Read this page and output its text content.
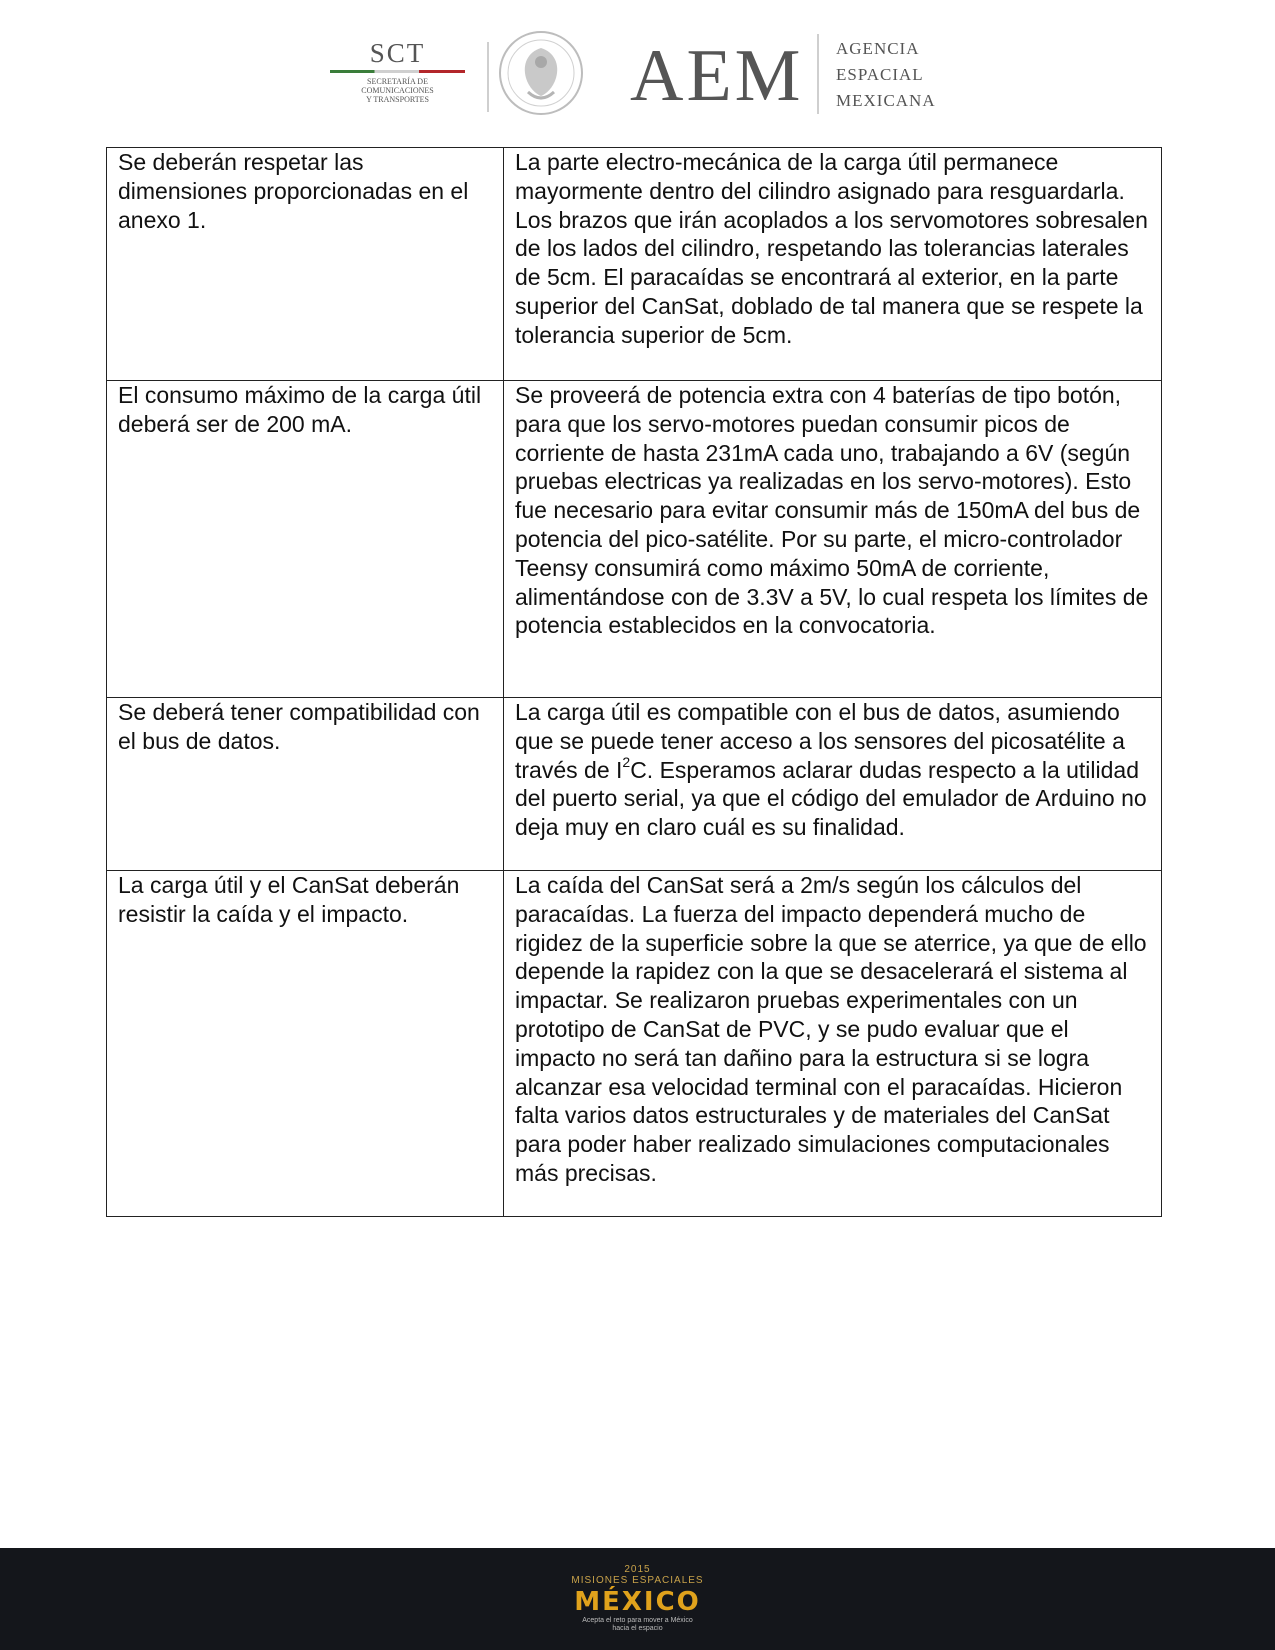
SCT
SECRETARÍA DE
COMUNICACIONES
Y TRANSPORTES	AEM AGENCIA
ESPACIAL
MEXICANA
Se deberán respetar las dimensiones proporcionadas en el anexo 1.	La parte electro-mecánica de la carga útil permanece mayormente dentro del cilindro asignado para resguardarla. Los brazos que irán acoplados a los servomotores sobresalen de los lados del cilindro, respetando las tolerancias laterales de 5cm. El paracaídas se encontrará al exterior, en la parte superior del CanSat, doblado de tal manera que se respete la tolerancia superior de 5cm.
El consumo máximo de la carga útil deberá ser de 200 mA.	Se proveerá de potencia extra con 4 baterías de tipo botón, para que los servo-motores puedan consumir picos de corriente de hasta 231mA cada uno, trabajando a 6V (según pruebas electricas ya realizadas en los servo-motores). Esto fue necesario para evitar consumir más de 150mA del bus de potencia del pico-satélite. Por su parte, el micro-controlador Teensy consumirá como máximo 50mA de corriente, alimentándose con de 3.3V a 5V, lo cual respeta los límites de potencia establecidos en la convocatoria.
Se deberá tener compatibilidad con el bus de datos.	La carga útil es compatible con el bus de datos, asumiendo que se puede tener acceso a los sensores del picosatélite a través de $I^2C$. Esperamos aclarar dudas respecto a la utilidad del puerto serial, ya que el código del emulador de Arduino no deja muy en claro cuál es su finalidad.
La carga útil y el CanSat deberán resistir la caída y el impacto.	La caída del CanSat será a 2m/s según los cálculos del paracaídas. La fuerza del impacto dependerá mucho de rigidez de la superficie sobre la que se aterrice, ya que de ello depende la rapidez con la que se desacelerará el sistema al impactar. Se realizaron pruebas experimentales con un prototipo de CanSat de PVC, y se pudo evaluar que el impacto no será tan dañino para la estructura si se logra alcanzar esa velocidad terminal con el paracaídas. Hicieron falta varios datos estructurales y de materiales del CanSat para poder haber realizado simulaciones computacionales más precisas.
2015
MISIONES ESPACIALES
MÉXICO
Acepta el reto para mover a México
hacia el espacio
